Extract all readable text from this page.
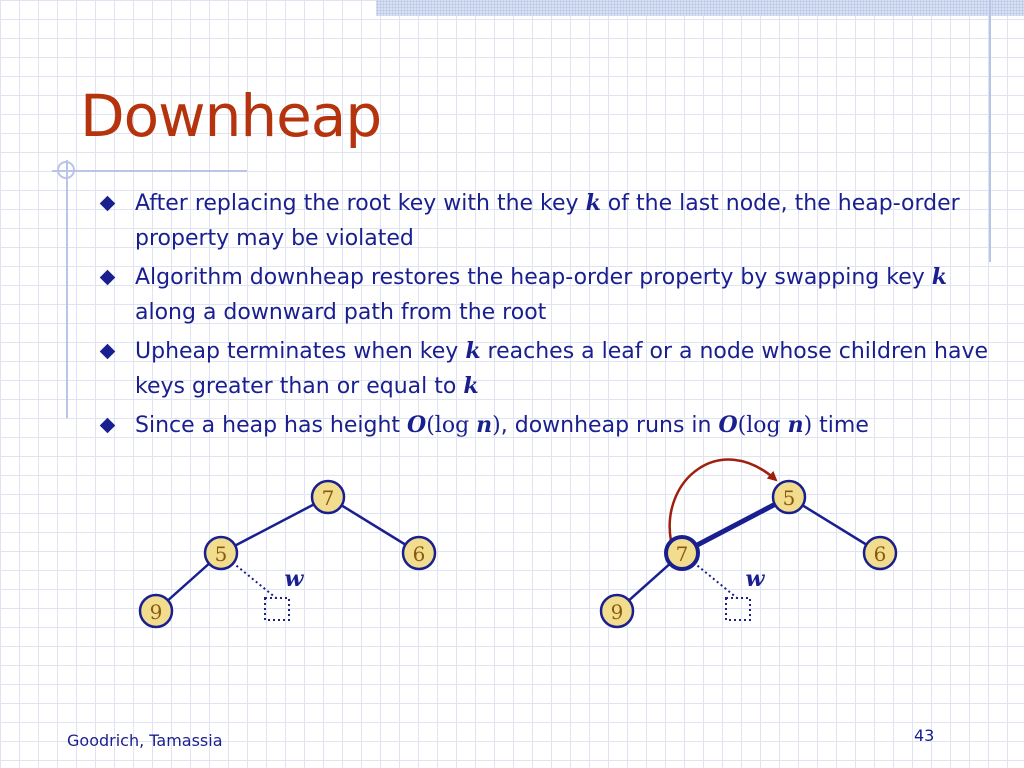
Downheap
After replacing the root key with the key k of the last node, the heap-order property may be violated
Algorithm downheap restores the heap-order property by swapping key k along a downward path from the root
Upheap terminates when key k reaches a leaf or a node whose children have keys greater than or equal to k
Since a heap has height O(log n), downheap runs in O(log n) time
7
5	6
9
w
5
7	6
9
w
Goodrich, Tamassia	43
